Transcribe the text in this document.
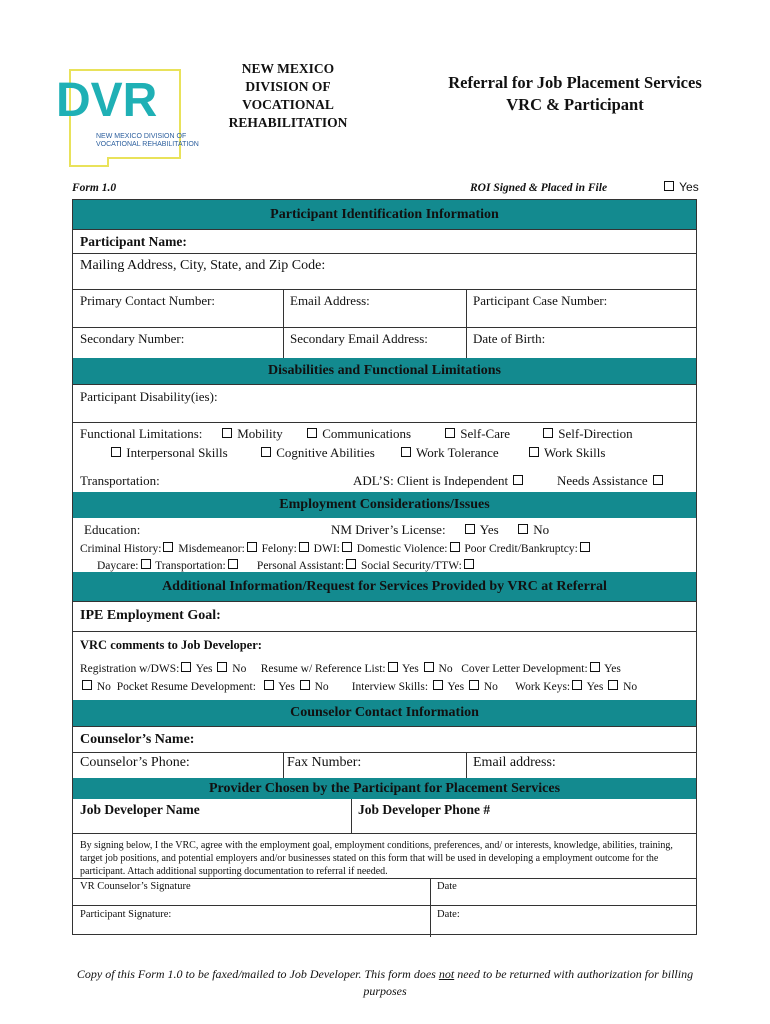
DVR
NEW MEXICO DIVISION OF
VOCATIONAL REHABILITATION
NEW MEXICO
DIVISION OF
VOCATIONAL
REHABILITATION
Referral for Job Placement Services
VRC & Participant
Form 1.0	ROI Signed & Placed in File	Yes
Participant Identification Information
Participant Name:
Mailing Address, City, State, and Zip Code:
Primary Contact Number:	Email Address:	Participant Case Number:
Secondary Number:	Secondary Email Address:	Date of Birth:
Disabilities and Functional Limitations
Participant Disability(ies):
Functional Limitations:	Mobility	Communications	Self-Care	Self-Direction
Interpersonal Skills	Cognitive Abilities	Work Tolerance	Work Skills
Transportation:	ADL’S: Client is Independent	Needs Assistance
Employment Considerations/Issues
Education:	NM Driver’s License:	Yes	No
Criminal History: Misdemeanor: Felony: DWI: Domestic Violence: Poor Credit/Bankruptcy:
Daycare: Transportation:	Personal Assistant: Social Security/TTW:
Additional Information/Request for Services Provided by VRC at Referral
IPE Employment Goal:
VRC comments to Job Developer:
Registration w/DWS: Yes No Resume w/ Reference List: Yes No Cover Letter Development: Yes
No Pocket Resume Development: Yes No Interview Skills: Yes No Work Keys: Yes No
Counselor Contact Information
Counselor’s Name:
Counselor’s Phone:	Fax Number:	Email address:
Provider Chosen by the Participant for Placement Services
Job Developer Name	Job Developer Phone #
By signing below, I the VRC, agree with the employment goal, employment conditions, preferences, and/ or interests, knowledge, abilities, training, target job positions, and potential employers and/or businesses stated on this form that will be used in developing a employment outcome for the participant. Attach additional supporting documentation to referral if needed.
VR Counselor’s Signature	Date
Participant Signature:	Date:
Copy of this Form 1.0 to be faxed/mailed to Job Developer. This form does not need to be returned with authorization for billing purposes
